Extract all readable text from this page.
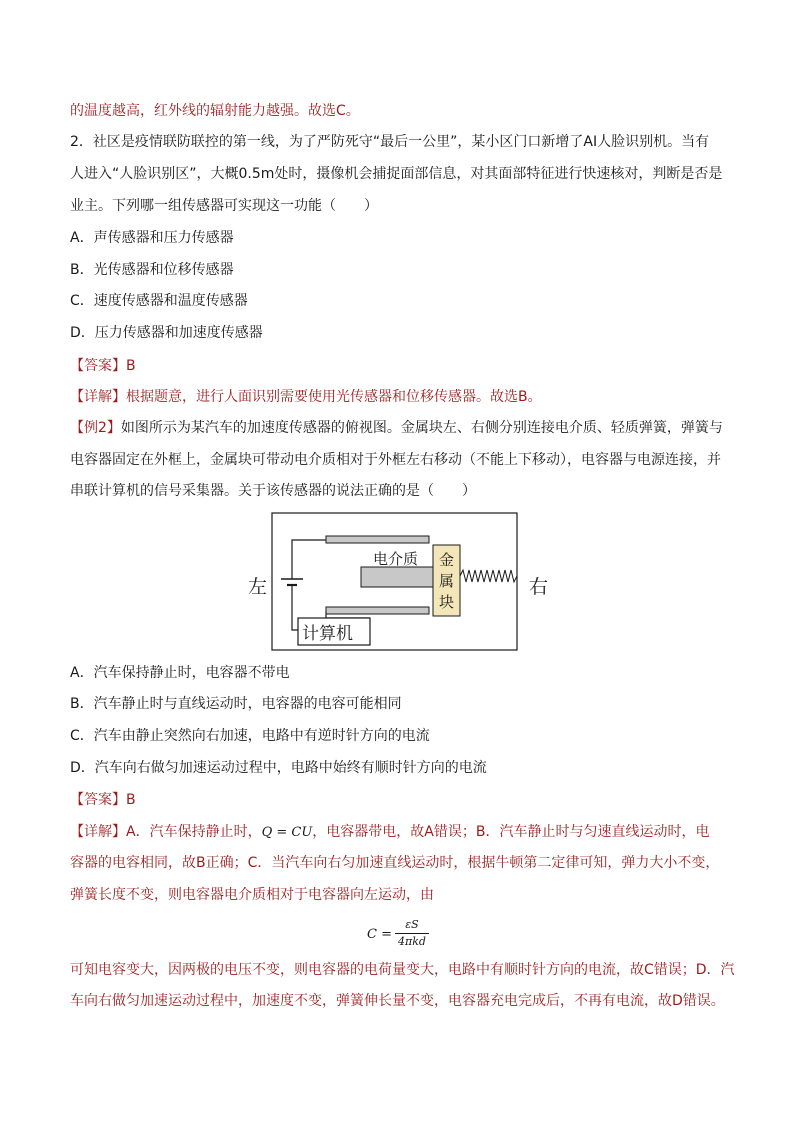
的温度越高，红外线的辐射能力越强。故选C。
2．社区是疫情联防联控的第一线，为了严防死守“最后一公里”，某小区门口新增了AI人脸识别机。当有
人进入“人脸识别区”，大概0.5m处时，摄像机会捕捉面部信息，对其面部特征进行快速核对，判断是否是
业主。下列哪一组传感器可实现这一功能（　　）
A．声传感器和压力传感器
B．光传感器和位移传感器
C．速度传感器和温度传感器
D．压力传感器和加速度传感器
【答案】B
【详解】根据题意，进行人面识别需要使用光传感器和位移传感器。故选B。
【例2】如图所示为某汽车的加速度传感器的俯视图。金属块左、右侧分别连接电介质、轻质弹簧，弹簧与
电容器固定在外框上，金属块可带动电介质相对于外框左右移动（不能上下移动），电容器与电源连接，并
串联计算机的信号采集器。关于该传感器的说法正确的是（　　）
左	右
电介质 金
属
块
计算机
A．汽车保持静止时，电容器不带电
B．汽车静止时与直线运动时，电容器的电容可能相同
C．汽车由静止突然向右加速，电路中有逆时针方向的电流
D．汽车向右做匀加速运动过程中，电路中始终有顺时针方向的电流
【答案】B
【详解】A．汽车保持静止时，Q = CU，电容器带电，故A错误；B．汽车静止时与匀速直线运动时，电
容器的电容相同，故B正确；C．当汽车向右匀加速直线运动时，根据牛顿第二定律可知，弹力大小不变，
弹簧长度不变，则电容器电介质相对于电容器向左运动，由
C =
εS
4πkd
可知电容变大，因两极的电压不变，则电容器的电荷量变大，电路中有顺时针方向的电流，故C错误；D．汽
车向右做匀加速运动过程中，加速度不变，弹簧伸长量不变，电容器充电完成后，不再有电流，故D错误。
